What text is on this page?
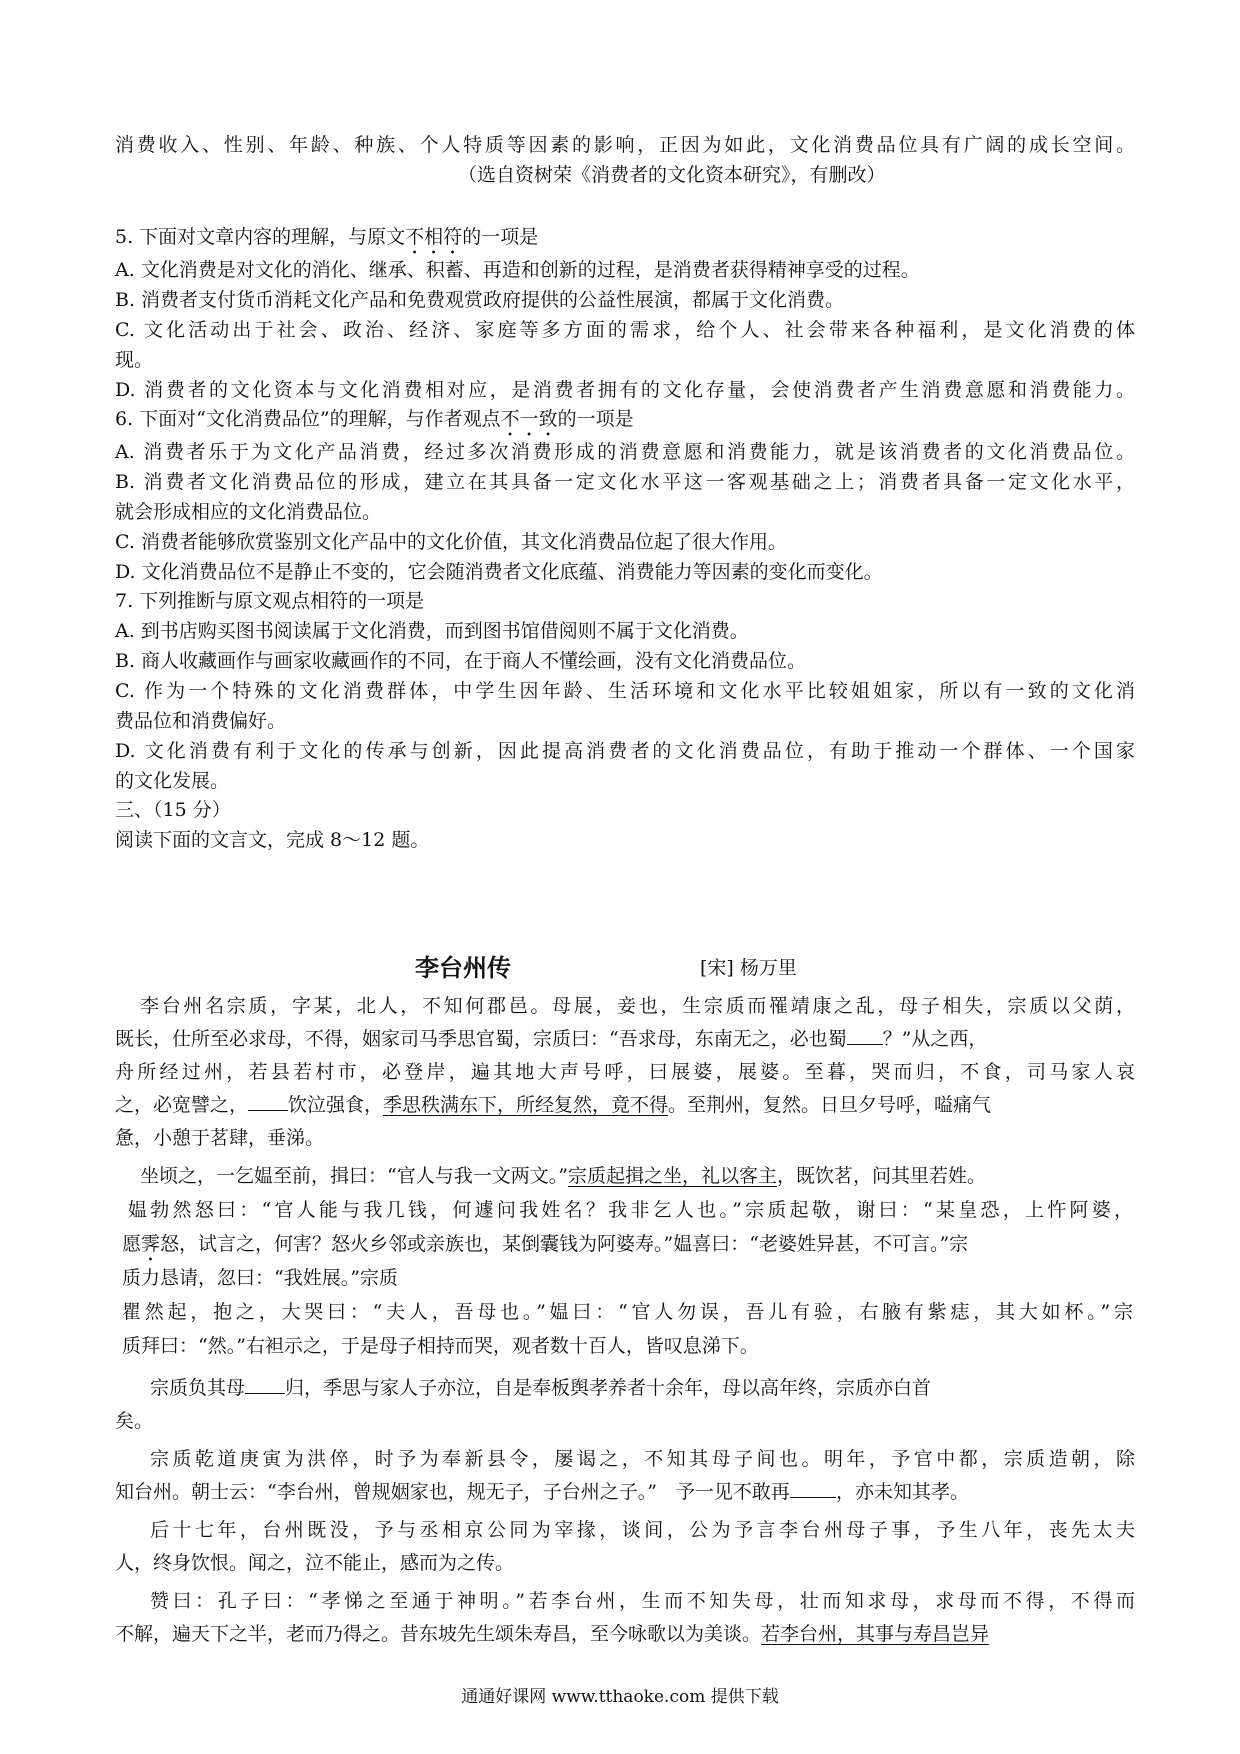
消费收入、性别、年龄、种族、个人特质等因素的影响，正因为如此，文化消费品位具有广阔的成长空间。
（选自资树荣《消费者的文化资本研究》，有删改）
5. 下面对文章内容的理解，与原文不相符的一项是
A. 文化消费是对文化的消化、继承、积蓄、再造和创新的过程，是消费者获得精神享受的过程。
B. 消费者支付货币消耗文化产品和免费观赏政府提供的公益性展演，都属于文化消费。
C. 文化活动出于社会、政治、经济、家庭等多方面的需求，给个人、社会带来各种福利，是文化消费的体
现。
D. 消费者的文化资本与文化消费相对应，是消费者拥有的文化存量，会使消费者产生消费意愿和消费能力。
6. 下面对“文化消费品位”的理解，与作者观点不一致的一项是
A. 消费者乐于为文化产品消费，经过多次消费形成的消费意愿和消费能力，就是该消费者的文化消费品位。
B. 消费者文化消费品位的形成，建立在其具备一定文化水平这一客观基础之上；消费者具备一定文化水平，
就会形成相应的文化消费品位。
C. 消费者能够欣赏鉴别文化产品中的文化价值，其文化消费品位起了很大作用。
D. 文化消费品位不是静止不变的，它会随消费者文化底蕴、消费能力等因素的变化而变化。
7. 下列推断与原文观点相符的一项是
A. 到书店购买图书阅读属于文化消费，而到图书馆借阅则不属于文化消费。
B. 商人收藏画作与画家收藏画作的不同，在于商人不懂绘画，没有文化消费品位。
C. 作为一个特殊的文化消费群体，中学生因年龄、生活环境和文化水平比较姐姐家，所以有一致的文化消
费品位和消费偏好。
D. 文化消费有利于文化的传承与创新，因此提高消费者的文化消费品位，有助于推动一个群体、一个国家
的文化发展。
三、（15 分）
阅读下面的文言文，完成 8～12 题。
李台州传	[宋] 杨万里
李台州名宗质，字某，北人，不知何郡邑。母展，妾也，生宗质而罹靖康之乱，母子相失，宗质以父荫，
既长，仕所至必求母，不得，姻家司马季思官蜀，宗质曰：“吾求母，东南无之，必也蜀 ？”从之西，
舟所经过州，若县若村市，必登岸，遍其地大声号呼，曰展婆，展婆。至暮，哭而归，不食，司马家人哀
之，必宽譬之， 饮泣强食，季思秩满东下，所经复然，竟不得。至荆州，复然。日旦夕号呼，嗌痛气
惫，小憩于茗肆，垂涕。
坐顷之，一乞媪至前，揖曰：“官人与我一文两文。”宗质起揖之坐，礼以客主，既饮茗，问其里若姓。
媪勃然怒曰：“官人能与我几钱，何遽问我姓名？我非乞人也。”宗质起敬，谢曰：“某皇恐，上忤阿婆，
愿霁怒，试言之，何害？怒火乡邻或亲族也，某倒囊钱为阿婆寿。”媪喜曰：“老婆姓异甚，不可言。”宗
质力恳请，忽曰：“我姓展。”宗质
瞿然起，抱之，大哭曰：“夫人，吾母也。”媪曰：“官人勿误，吾儿有验，右腋有紫痣，其大如杯。”宗
质拜曰：“然。”右袒示之，于是母子相持而哭，观者数十百人，皆叹息涕下。
宗质负其母 归，季思与家人子亦泣，自是奉板舆孝养者十余年，母以高年终，宗质亦白首
矣。
宗质乾道庚寅为洪倅，时予为奉新县令，屡谒之，不知其母子间也。明年，予官中都，宗质造朝，除
知台州。朝士云：“李台州，曾规姻家也，规无子，子台州之子。”　予一见不敢再 ，亦未知其孝。
后十七年，台州既没，予与丞相京公同为宰掾，谈间，公为予言李台州母子事，予生八年，丧先太夫
人，终身饮恨。闻之，泣不能止，感而为之传。
赞曰：孔子曰：“孝悌之至通于神明。”若李台州，生而不知失母，壮而知求母，求母而不得，不得而
不解，遍天下之半，老而乃得之。昔东坡先生颂朱寿昌，至今咏歌以为美谈。若李台州，其事与寿昌岂异
通通好课网 www.tthaoke.com 提供下载
